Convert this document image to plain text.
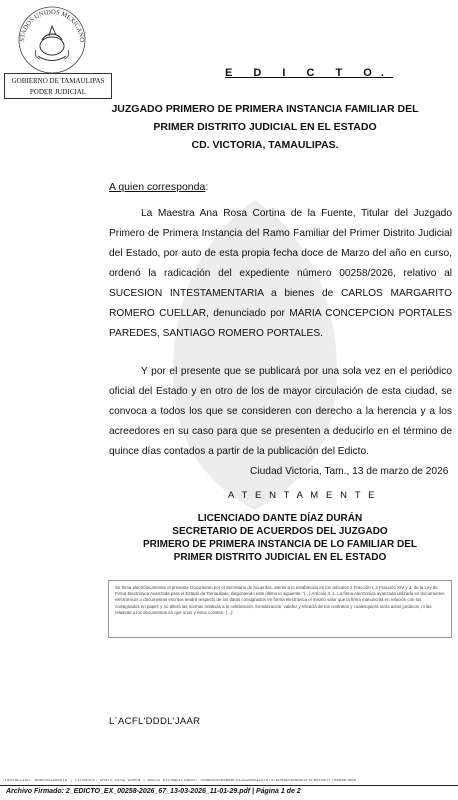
STADOS UNIDOS MEXICANO
GOBIERNO DE TAMAULIPAS
PODER JUDICIAL
E D I C T O.
JUZGADO PRIMERO DE PRIMERA INSTANCIA FAMILIAR DEL
PRIMER DISTRITO JUDICIAL EN EL ESTADO
CD. VICTORIA, TAMAULIPAS.
A quien corresponda:
La Maestra Ana Rosa Cortina de la Fuente, Titular del Juzgado Primero de Primera Instancia del Ramo Familiar del Primer Distrito Judicial del Estado, por auto de esta propia fecha doce de Marzo del año en curso, ordenó la radicación del expediente número 00258/2026, relativo al SUCESION INTESTAMENTARIA a bienes de CARLOS MARGARITO ROMERO CUELLAR, denunciado por MARIA CONCEPCION PORTALES PAREDES, SANTIAGO ROMERO PORTALES.
Y por el presente que se publicará por una sola vez en el periódico oficial del Estado y en otro de los de mayor circulación de esta ciudad, se convoca a todos los que se consideren con derecho a la herencia y a los acreedores en su caso para que se presenten a deducirlo en el término de quince días contados a partir de la publicación del Edicto.
Ciudad Victoria, Tam., 13 de marzo de 2026
A T E N T A M E N T E
LICENCIADO DANTE DÍAZ DURÁN
SECRETARIO DE ACUERDOS DEL JUZGADO
PRIMERO DE PRIMERA INSTANCIA DE LO FAMILIAR DEL
PRIMER DISTRITO JUDICIAL EN EL ESTADO
Se firma electrónicamente el presente Documento por el Secretario de Acuerdos, atento a lo establecido en los artículos 2 Fracción I, 3 Fracción XIV y 4, de la Ley de Firma Electrónica Avanzada para el Estado de Tamaulipas, disponiendo este último lo siguiente: '(...) Artículo 4. 1. La firma electrónica avanzada utilizada en documentos electrónicos o documentos escritos tendrá respecto de los datos consignados en forma electrónica el mismo valor que la firma manuscrita en relación con los consignados en papel; y no altera las normas relativas a la celebración, formalización, validez y eficacia de los contratos y cualesquiera otros actos jurídicos, ni las relativas a los documentos en que unos y otros consten. (...)'.
L´ACFL'DDDL'JAAR
Transacción: 0000361350276 | Firmante: DANTE DÍAZ DURÁN | Datos Estampillados: AA8B194584B88FA116204832576747DD98DFBA8DE2F0FB8F8E7F798D9EA8B5
Archivo Firmado: 2_EDICTO_EX_00258-2026_67_13-03-2026_11-01-29.pdf | Página 1 de 2
